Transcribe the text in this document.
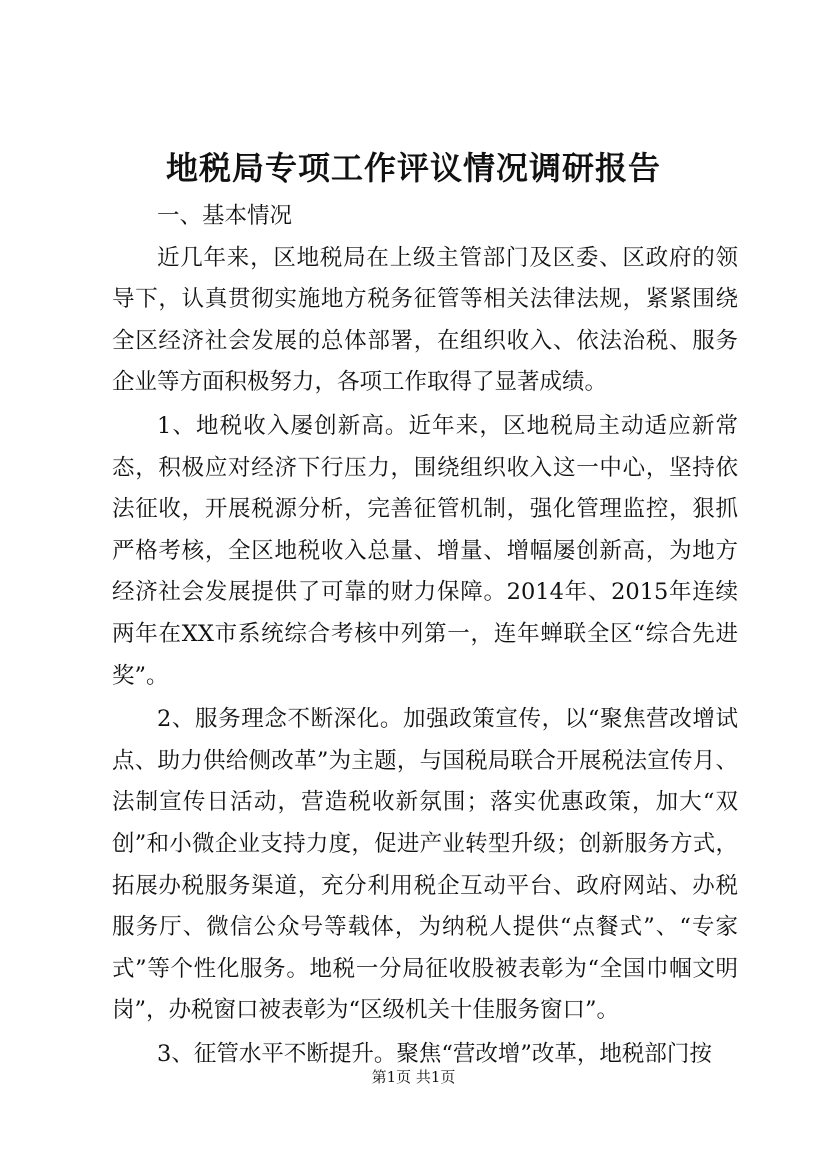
地税局专项工作评议情况调研报告
一、基本情况

近几年来，区地税局在上级主管部门及区委、区政府的领导下，认真贯彻实施地方税务征管等相关法律法规，紧紧围绕全区经济社会发展的总体部署，在组织收入、依法治税、服务企业等方面积极努力，各项工作取得了显著成绩。

1、地税收入屡创新高。近年来，区地税局主动适应新常态，积极应对经济下行压力，围绕组织收入这一中心，坚持依法征收，开展税源分析，完善征管机制，强化管理监控，狠抓严格考核，全区地税收入总量、增量、增幅屡创新高，为地方经济社会发展提供了可靠的财力保障。2014年、2015年连续两年在XX市系统综合考核中列第一，连年蝉联全区“综合先进奖”。

2、服务理念不断深化。加强政策宣传，以“聚焦营改增试点、助力供给侧改革”为主题，与国税局联合开展税法宣传月、法制宣传日活动，营造税收新氛围；落实优惠政策，加大“双创”和小微企业支持力度，促进产业转型升级；创新服务方式，拓展办税服务渠道，充分利用税企互动平台、政府网站、办税服务厅、微信公众号等载体，为纳税人提供“点餐式”、“专家式”等个性化服务。地税一分局征收股被表彰为“全国巾帼文明岗”，办税窗口被表彰为“区级机关十佳服务窗口”。

3、征管水平不断提升。聚焦“营改增”改革，地税部门按

第1页 共1页
